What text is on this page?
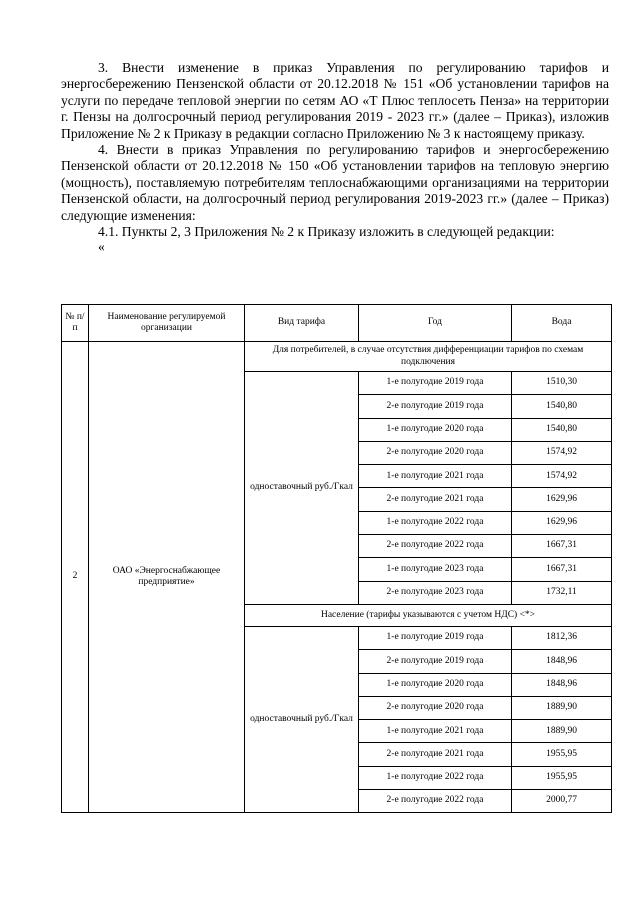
3. Внести изменение в приказ Управления по регулированию тарифов и энергосбережению Пензенской области от 20.12.2018 № 151 «Об установлении тарифов на услуги по передаче тепловой энергии по сетям АО «Т Плюс теплосеть Пенза» на территории г. Пензы на долгосрочный период регулирования 2019 - 2023 гг.» (далее – Приказ), изложив Приложение № 2 к Приказу в редакции согласно Приложению № 3 к настоящему приказу.

4. Внести в приказ Управления по регулированию тарифов и энергосбережению Пензенской области от 20.12.2018 № 150 «Об установлении тарифов на тепловую энергию (мощность), поставляемую потребителям теплоснабжающими организациями на территории Пензенской области, на долгосрочный период регулирования 2019-2023 гг.» (далее – Приказ) следующие изменения:

4.1. Пункты 2, 3 Приложения № 2 к Приказу изложить в следующей редакции:

«

№ п/п	Наименование регулируемой организации	Вид тарифа	Год	Вода
2	ОАО «Энергоснабжающее предприятие»	Для потребителей, в случае отсутствия дифференциации тарифов по схемам подключения		
		одноставочный руб./Гкал	1-е полугодие 2019 года	1510,30
			2-е полугодие 2019 года	1540,80
			1-е полугодие 2020 года	1540,80
			2-е полугодие 2020 года	1574,92
			1-е полугодие 2021 года	1574,92
			2-е полугодие 2021 года	1629,96
			1-е полугодие 2022 года	1629,96
			2-е полугодие 2022 года	1667,31
			1-е полугодие 2023 года	1667,31
			2-е полугодие 2023 года	1732,11
		Население (тарифы указываются с учетом НДС) <*>		
		одноставочный руб./Гкал	1-е полугодие 2019 года	1812,36
			2-е полугодие 2019 года	1848,96
			1-е полугодие 2020 года	1848,96
			2-е полугодие 2020 года	1889,90
			1-е полугодие 2021 года	1889,90
			2-е полугодие 2021 года	1955,95
			1-е полугодие 2022 года	1955,95
			2-е полугодие 2022 года	2000,77
